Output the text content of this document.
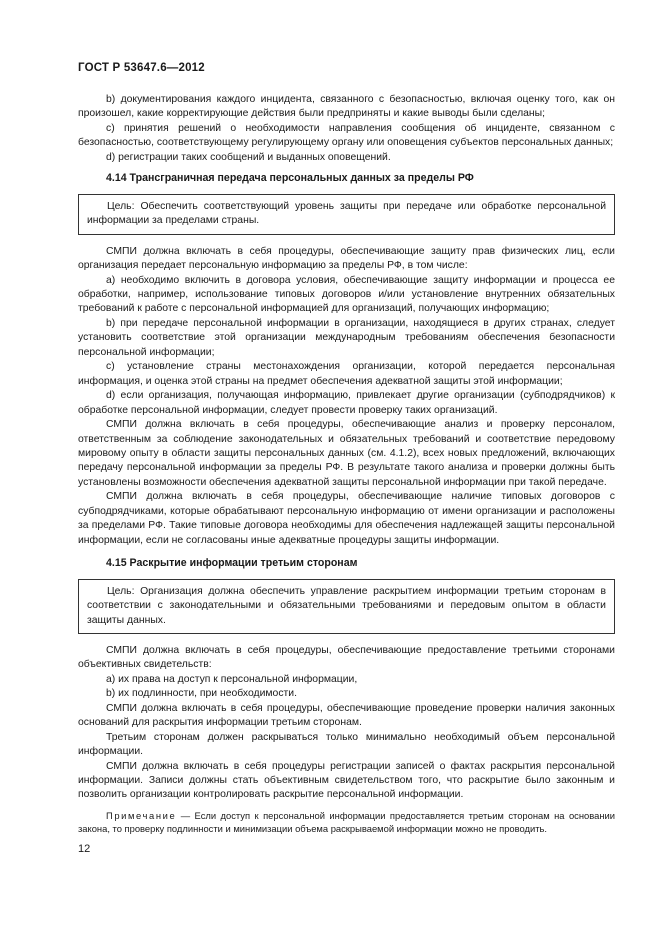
ГОСТ Р 53647.6—2012

b) документирования каждого инцидента, связанного с безопасностью, включая оценку того, как он произошел, какие корректирующие действия были предприняты и какие выводы были сделаны;

c) принятия решений о необходимости направления сообщения об инциденте, связанном с безопасностью, соответствующему регулирующему органу или оповещения субъектов персональных данных;

d) регистрации таких сообщений и выданных оповещений.

4.14 Трансграничная передача персональных данных за пределы РФ

Цель: Обеспечить соответствующий уровень защиты при передаче или обработке персональной информации за пределами страны.

СМПИ должна включать в себя процедуры, обеспечивающие защиту прав физических лиц, если организация передает персональную информацию за пределы РФ, в том числе:

a) необходимо включить в договора условия, обеспечивающие защиту информации и процесса ее обработки, например, использование типовых договоров и/или установление внутренних обязательных требований к работе с персональной информацией для организаций, получающих информацию;

b) при передаче персональной информации в организации, находящиеся в других странах, следует установить соответствие этой организации международным требованиям обеспечения безопасности персональной информации;

c) установление страны местонахождения организации, которой передается персональная информация, и оценка этой страны на предмет обеспечения адекватной защиты этой информации;

d) если организация, получающая информацию, привлекает другие организации (субподрядчиков) к обработке персональной информации, следует провести проверку таких организаций.

СМПИ должна включать в себя процедуры, обеспечивающие анализ и проверку персоналом, ответственным за соблюдение законодательных и обязательных требований и соответствие передовому мировому опыту в области защиты персональных данных (см. 4.1.2), всех новых предложений, включающих передачу персональной информации за пределы РФ. В результате такого анализа и проверки должны быть установлены возможности обеспечения адекватной защиты персональной информации при такой передаче.

СМПИ должна включать в себя процедуры, обеспечивающие наличие типовых договоров с субподрядчиками, которые обрабатывают персональную информацию от имени организации и расположены за пределами РФ. Такие типовые договора необходимы для обеспечения надлежащей защиты персональной информации, если не согласованы иные адекватные процедуры защиты информации.

4.15 Раскрытие информации третьим сторонам

Цель: Организация должна обеспечить управление раскрытием информации третьим сторонам в соответствии с законодательными и обязательными требованиями и передовым опытом в области защиты данных.

СМПИ должна включать в себя процедуры, обеспечивающие предоставление третьими сторонами объективных свидетельств:

a) их права на доступ к персональной информации,

b) их подлинности, при необходимости.

СМПИ должна включать в себя процедуры, обеспечивающие проведение проверки наличия законных оснований для раскрытия информации третьим сторонам.

Третьим сторонам должен раскрываться только минимально необходимый объем персональной информации.

СМПИ должна включать в себя процедуры регистрации записей о фактах раскрытия персональной информации. Записи должны стать объективным свидетельством того, что раскрытие было законным и позволить организации контролировать раскрытие персональной информации.

Примечание — Если доступ к персональной информации предоставляется третьим сторонам на основании закона, то проверку подлинности и минимизации объема раскрываемой информации можно не проводить.

12
